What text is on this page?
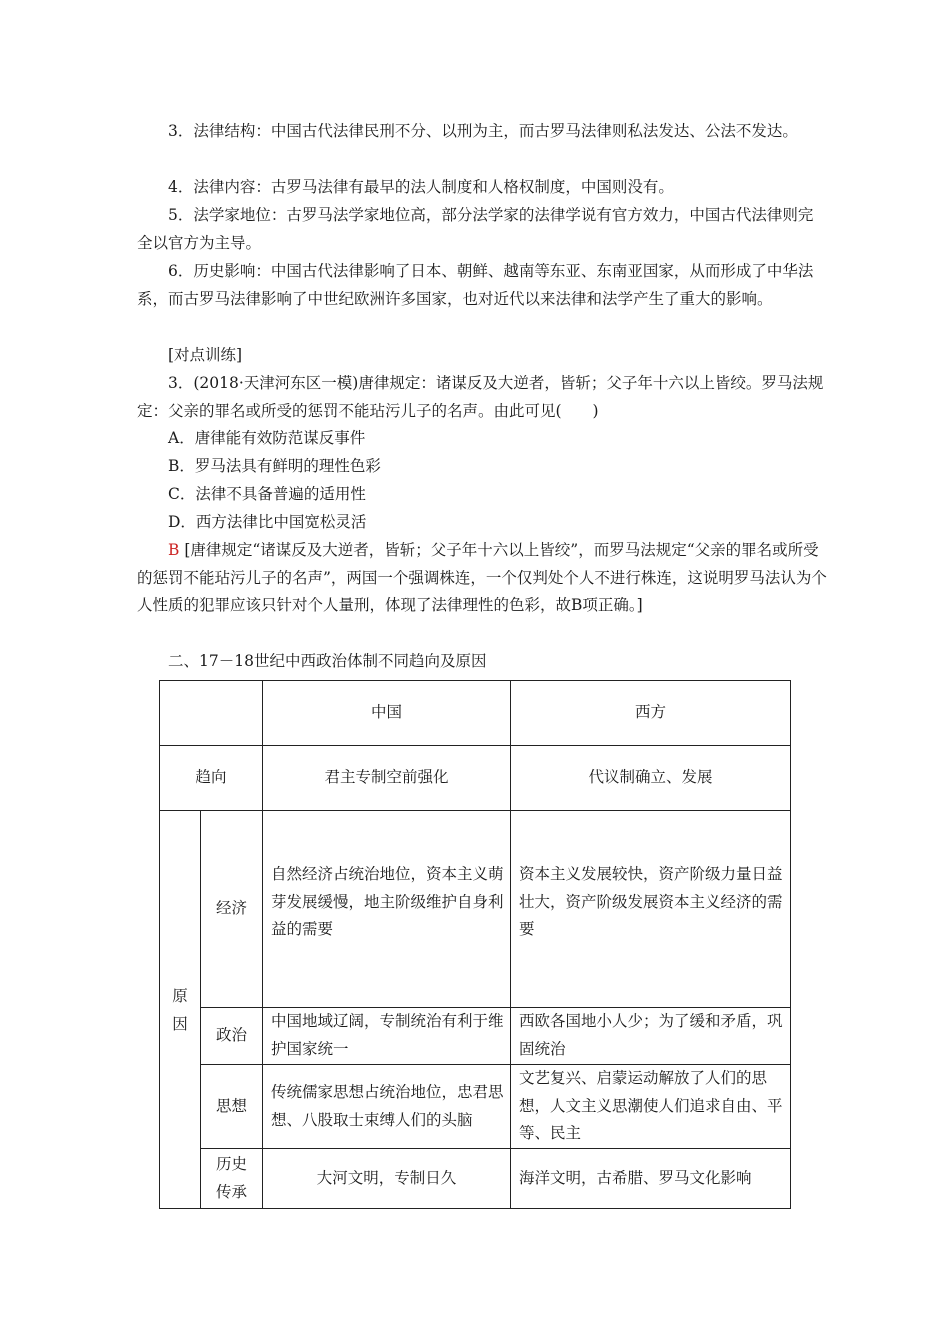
3．法律结构：中国古代法律民刑不分、以刑为主，而古罗马法律则私法发达、公法不发达。

4．法律内容：古罗马法律有最早的法人制度和人格权制度，中国则没有。

5．法学家地位：古罗马法学家地位高，部分法学家的法律学说有官方效力，中国古代法律则完全以官方为主导。

6．历史影响：中国古代法律影响了日本、朝鲜、越南等东亚、东南亚国家，从而形成了中华法系，而古罗马法律影响了中世纪欧洲许多国家，也对近代以来法律和法学产生了重大的影响。

[对点训练]

3．(2018·天津河东区一模)唐律规定：诸谋反及大逆者，皆斩；父子年十六以上皆绞。罗马法规定：父亲的罪名或所受的惩罚不能玷污儿子的名声。由此可见(　　)

A．唐律能有效防范谋反事件

B．罗马法具有鲜明的理性色彩

C．法律不具备普遍的适用性

D．西方法律比中国宽松灵活

B [唐律规定“诸谋反及大逆者，皆斩；父子年十六以上皆绞”，而罗马法规定“父亲的罪名或所受的惩罚不能玷污儿子的名声”，两国一个强调株连，一个仅判处个人不进行株连，这说明罗马法认为个人性质的犯罪应该只针对个人量刑，体现了法律理性的色彩，故B项正确。]

二、17－18世纪中西政治体制不同趋向及原因

		中国	西方
趋向		君主专制空前强化	代议制确立、发展
原因	经济	自然经济占统治地位，资本主义萌芽发展缓慢，地主阶级维护自身利益的需要	资本主义发展较快，资产阶级力量日益壮大，资产阶级发展资本主义经济的需要
	政治	中国地域辽阔，专制统治有利于维护国家统一	西欧各国地小人少；为了缓和矛盾，巩固统治
	思想	传统儒家思想占统治地位，忠君思想、八股取士束缚人们的头脑	文艺复兴、启蒙运动解放了人们的思想，人文主义思潮使人们追求自由、平等、民主
	历史传承	大河文明，专制日久	海洋文明，古希腊、罗马文化影响
